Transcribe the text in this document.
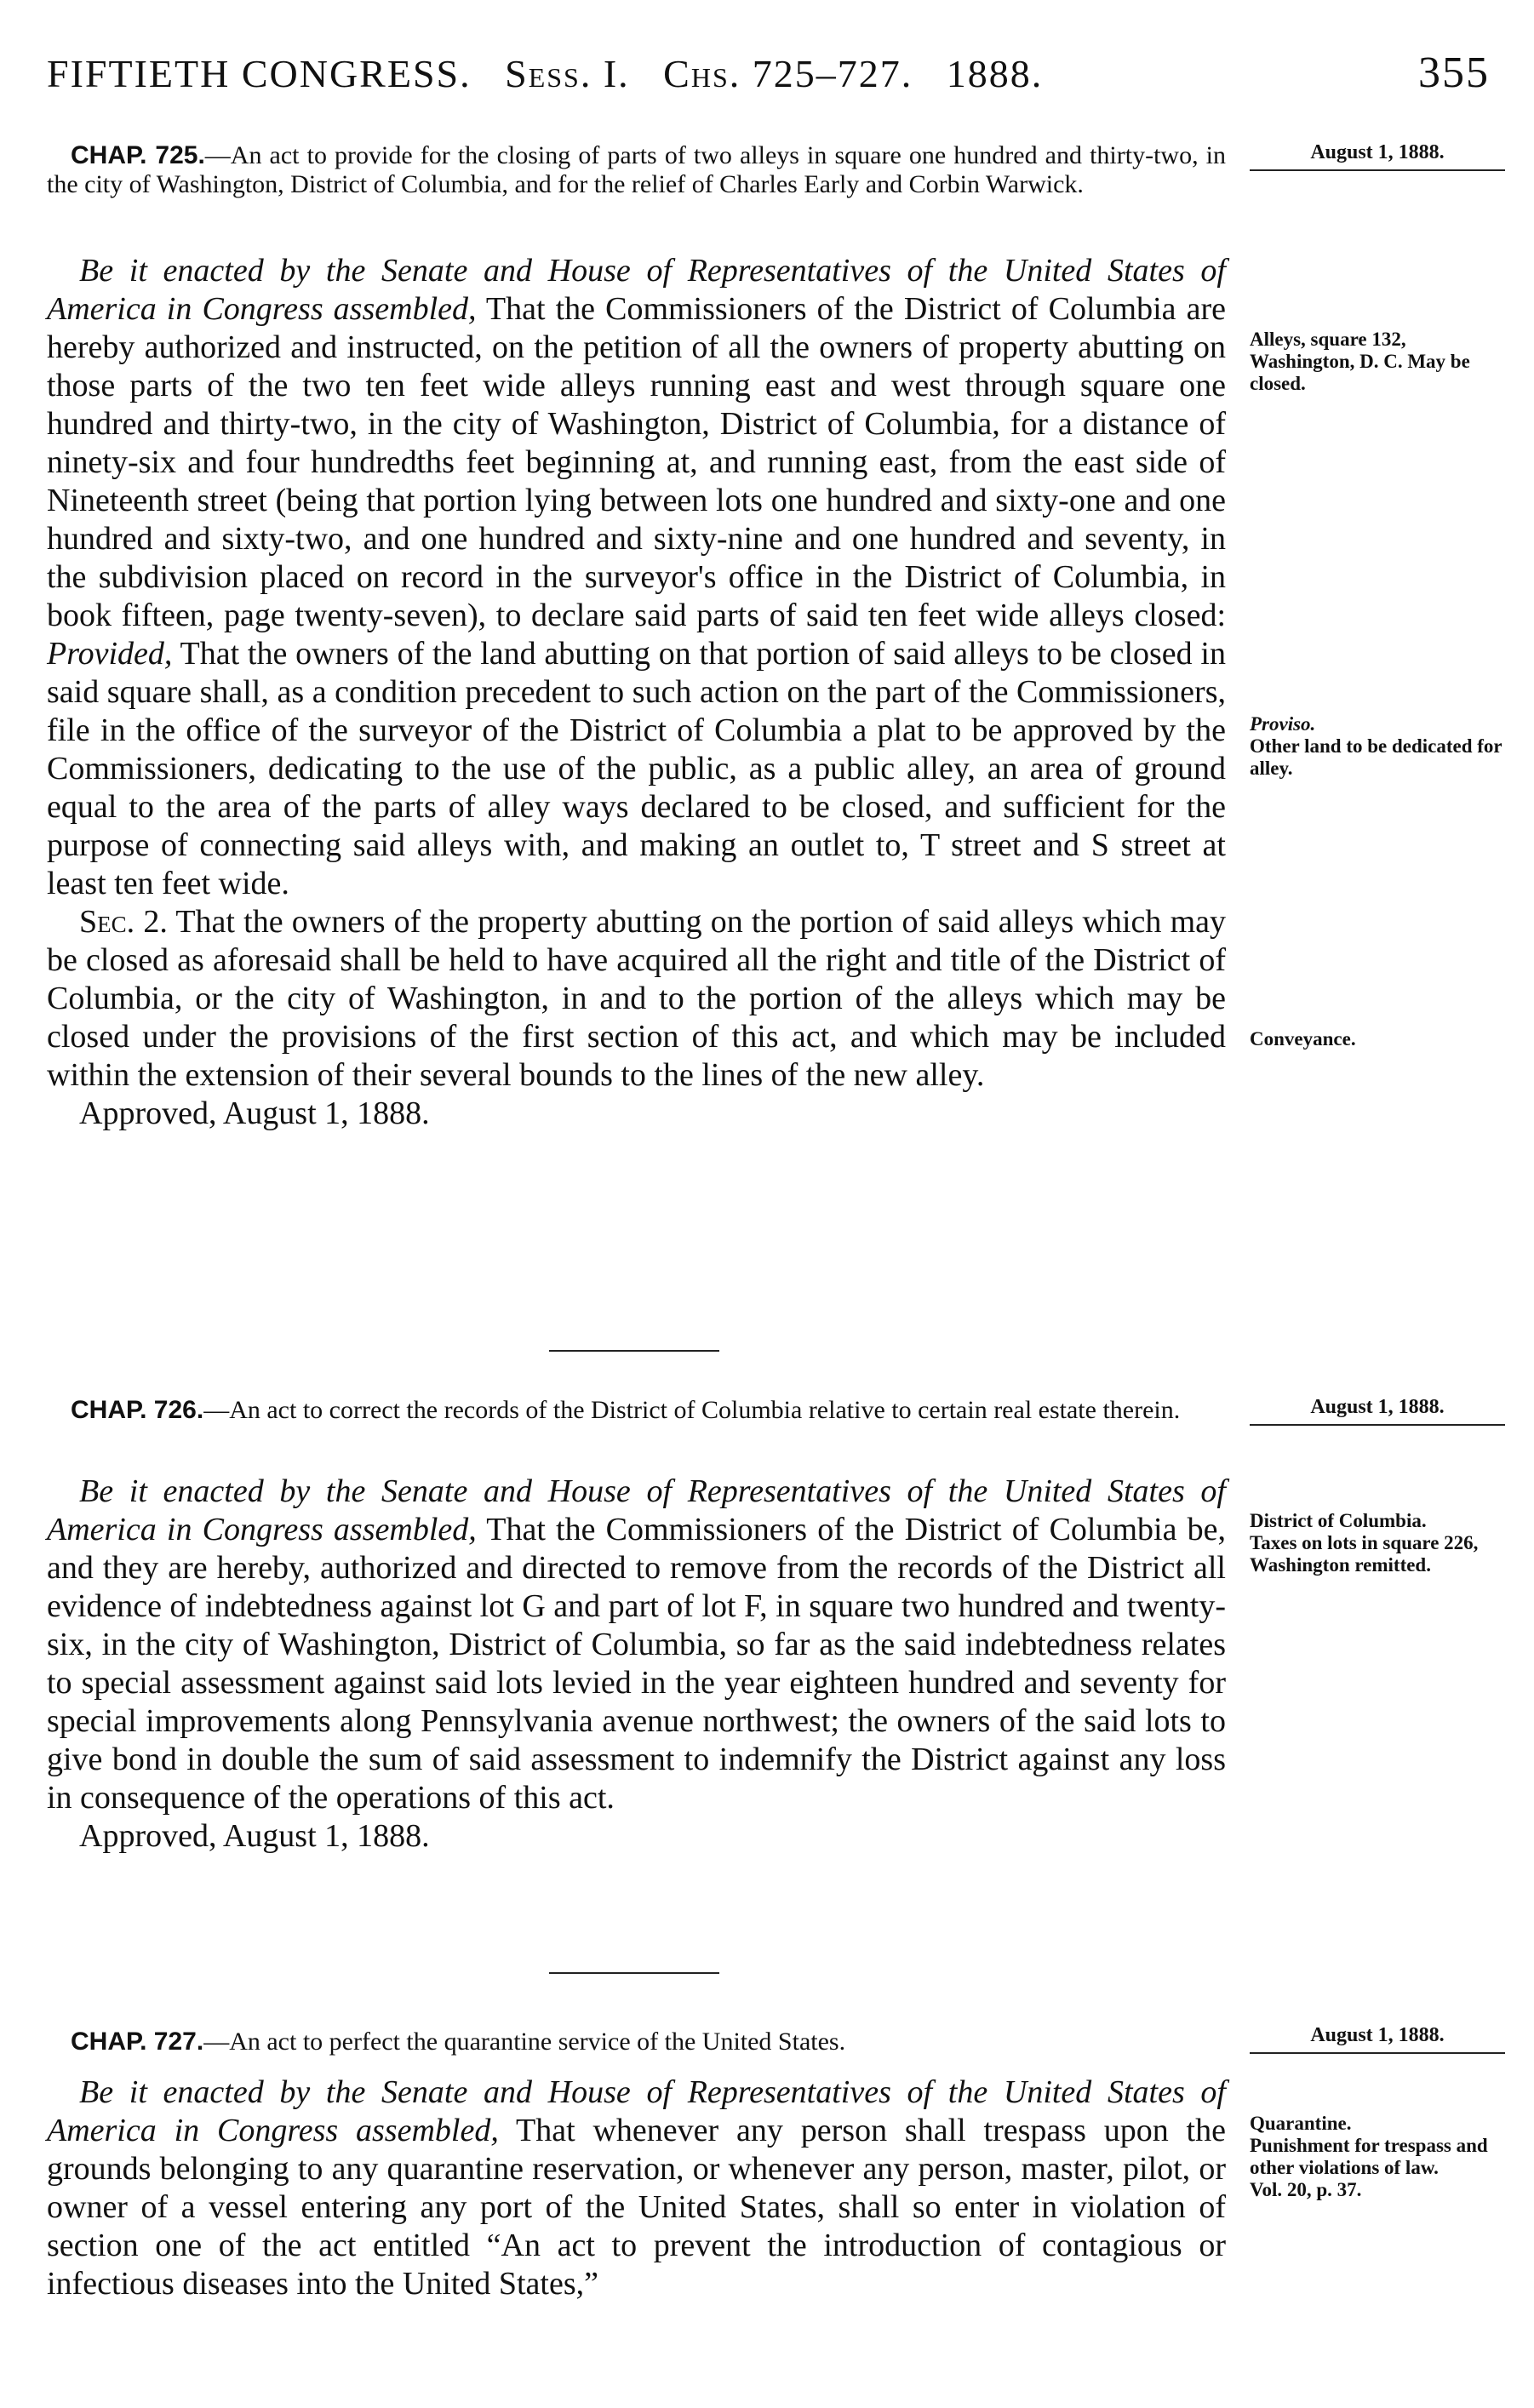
FIFTIETH CONGRESS. Sess. I. Chs. 725–727. 1888.	355
CHAP. 725.—An act to provide for the closing of parts of two alleys in square one hundred and thirty-two, in the city of Washington, District of Columbia, and for the relief of Charles Early and Corbin Warwick.
August 1, 1888.

Be it enacted by the Senate and House of Representatives of the United States of America in Congress assembled, That the Commissioners of the District of Columbia are hereby authorized and instructed, on the petition of all the owners of property abutting on those parts of the two ten feet wide alleys running east and west through square one hundred and thirty-two, in the city of Washington, District of Columbia, for a distance of ninety-six and four hundredths feet beginning at, and running east, from the east side of Nineteenth street (being that portion lying between lots one hundred and sixty-one and one hundred and sixty-two, and one hundred and sixty-nine and one hundred and seventy, in the subdivision placed on record in the surveyor's office in the District of Columbia, in book fifteen, page twenty-seven), to declare said parts of said ten feet wide alleys closed: Provided, That the owners of the land abutting on that portion of said alleys to be closed in said square shall, as a condition precedent to such action on the part of the Commissioners, file in the office of the surveyor of the District of Columbia a plat to be approved by the Commissioners, dedicating to the use of the public, as a public alley, an area of ground equal to the area of the parts of alley ways declared to be closed, and sufficient for the purpose of connecting said alleys with, and making an outlet to, T street and S street at least ten feet wide.

Sec. 2. That the owners of the property abutting on the portion of said alleys which may be closed as aforesaid shall be held to have acquired all the right and title of the District of Columbia, or the city of Washington, in and to the portion of the alleys which may be closed under the provisions of the first section of this act, and which may be included within the extension of their several bounds to the lines of the new alley.

Approved, August 1, 1888.
Alleys, square 132, Washington, D. C. May be closed.
Proviso.
Other land to be dedicated for alley.
Conveyance.
CHAP. 726.—An act to correct the records of the District of Columbia relative to certain real estate therein.	August 1, 1888.

Be it enacted by the Senate and House of Representatives of the United States of America in Congress assembled, That the Commissioners of the District of Columbia be, and they are hereby, authorized and directed to remove from the records of the District all evidence of indebtedness against lot G and part of lot F, in square two hundred and twenty-six, in the city of Washington, District of Columbia, so far as the said indebtedness relates to special assessment against said lots levied in the year eighteen hundred and seventy for special improvements along Pennsylvania avenue northwest; the owners of the said lots to give bond in double the sum of said assessment to indemnify the District against any loss in consequence of the operations of this act.

Approved, August 1, 1888.
District of Columbia.
Taxes on lots in square 226, Washington remitted.
CHAP. 727.—An act to perfect the quarantine service of the United States.	August 1, 1888.

Be it enacted by the Senate and House of Representatives of the United States of America in Congress assembled, That whenever any person shall trespass upon the grounds belonging to any quarantine reservation, or whenever any person, master, pilot, or owner of a vessel entering any port of the United States, shall so enter in violation of section one of the act entitled “An act to prevent the introduction of contagious or infectious diseases into the United States,”

Quarantine.
Punishment for trespass and other violations of law.
Vol. 20, p. 37.
